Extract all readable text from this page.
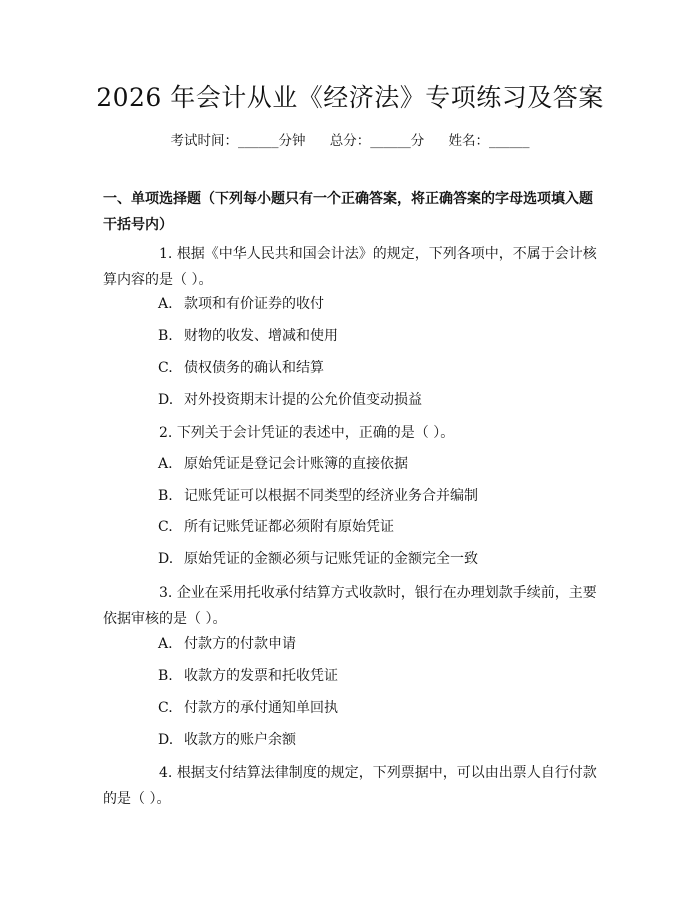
2026 年会计从业《经济法》专项练习及答案
考试时间：______分钟 总分：______分 姓名：______
一、单项选择题（下列每小题只有一个正确答案，将正确答案的字母选项填入题干括号内）
1. 根据《中华人民共和国会计法》的规定，下列各项中，不属于会计核算内容的是（ ）。
A. 款项和有价证券的收付
B. 财物的收发、增减和使用
C. 债权债务的确认和结算
D. 对外投资期末计提的公允价值变动损益
2. 下列关于会计凭证的表述中，正确的是（ ）。
A. 原始凭证是登记会计账簿的直接依据
B. 记账凭证可以根据不同类型的经济业务合并编制
C. 所有记账凭证都必须附有原始凭证
D. 原始凭证的金额必须与记账凭证的金额完全一致
3. 企业在采用托收承付结算方式收款时，银行在办理划款手续前，主要依据审核的是（ ）。
A. 付款方的付款申请
B. 收款方的发票和托收凭证
C. 付款方的承付通知单回执
D. 收款方的账户余额
4. 根据支付结算法律制度的规定，下列票据中，可以由出票人自行付款的是（ ）。
